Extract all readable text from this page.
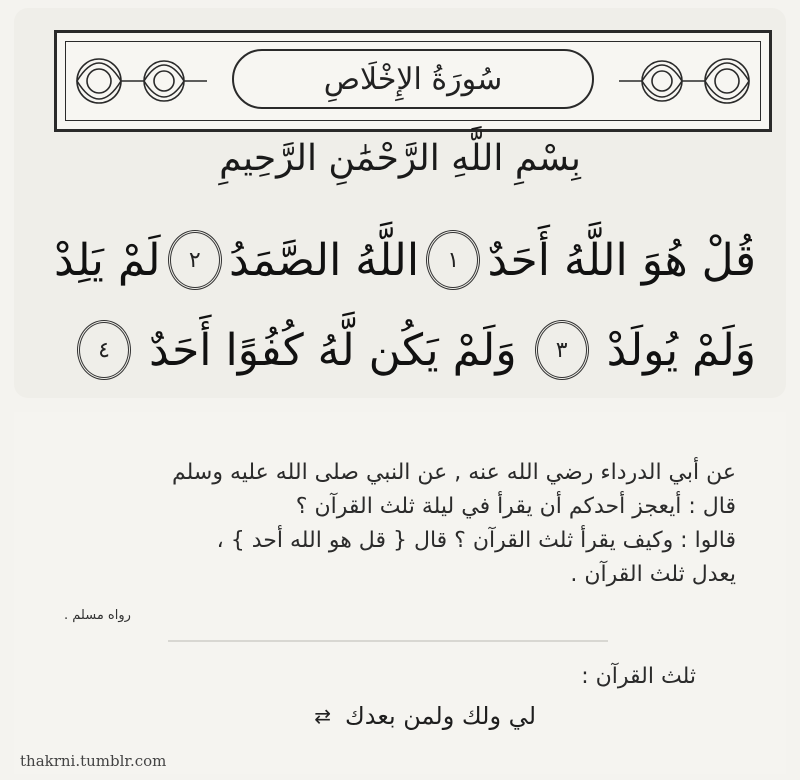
سُورَةُ الإِخْلَاصِ
بِسْمِ اللَّهِ الرَّحْمَٰنِ الرَّحِيمِ
قُلْ هُوَ اللَّهُ أَحَدٌ
١
اللَّهُ الصَّمَدُ
٢
لَمْ يَلِدْ
وَلَمْ يُولَدْ
٣
وَلَمْ يَكُن لَّهُ كُفُوًا أَحَدٌ
٤
عن أبي الدرداء رضي الله عنه , عن النبي صلى الله عليه وسلم
قال : أيعجز أحدكم أن يقرأ في ليلة ثلث القرآن ؟
قالوا : وكيف يقرأ ثلث القرآن ؟ قال { قل هو الله أحد } ،
يعدل ثلث القرآن .
رواه مسلم .
ثلث القرآن :
لي ولك ولمن بعدك
⇄
thakrni.tumblr.com
